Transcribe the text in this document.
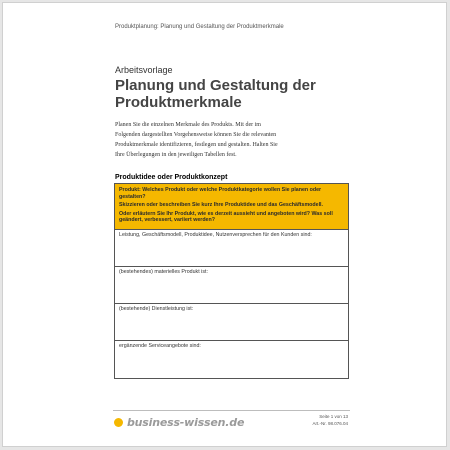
Produktplanung: Planung und Gestaltung der Produktmerkmale
Arbeitsvorlage
Planung und Gestaltung der Produktmerkmale

Planen Sie die einzelnen Merkmale des Produkts. Mit der im Folgenden dargestellten Vorgehensweise können Sie die relevanten Produktmerkmale identifizieren, festlegen und gestalten. Halten Sie Ihre Überlegungen in den jeweiligen Tabellen fest.

Produktidee oder Produktkonzept

Produkt: Welches Produkt oder welche Produktkategorie wollen Sie planen oder gestalten?

Skizzieren oder beschreiben Sie kurz Ihre Produktidee und das Geschäftsmodell.

Oder erläutern Sie Ihr Produkt, wie es derzeit aussieht und angeboten wird? Was soll geändert, verbessert, variiert werden?

Leistung, Geschäftsmodell, Produktidee, Nutzenversprechen für den Kunden sind:
(bestehendes) materielles Produkt ist:
(bestehende) Dienstleistung ist:
ergänzende Serviceangebote sind:
business-wissen.de	Seite 1 von 13
Art.-Nr. 98.076.04
